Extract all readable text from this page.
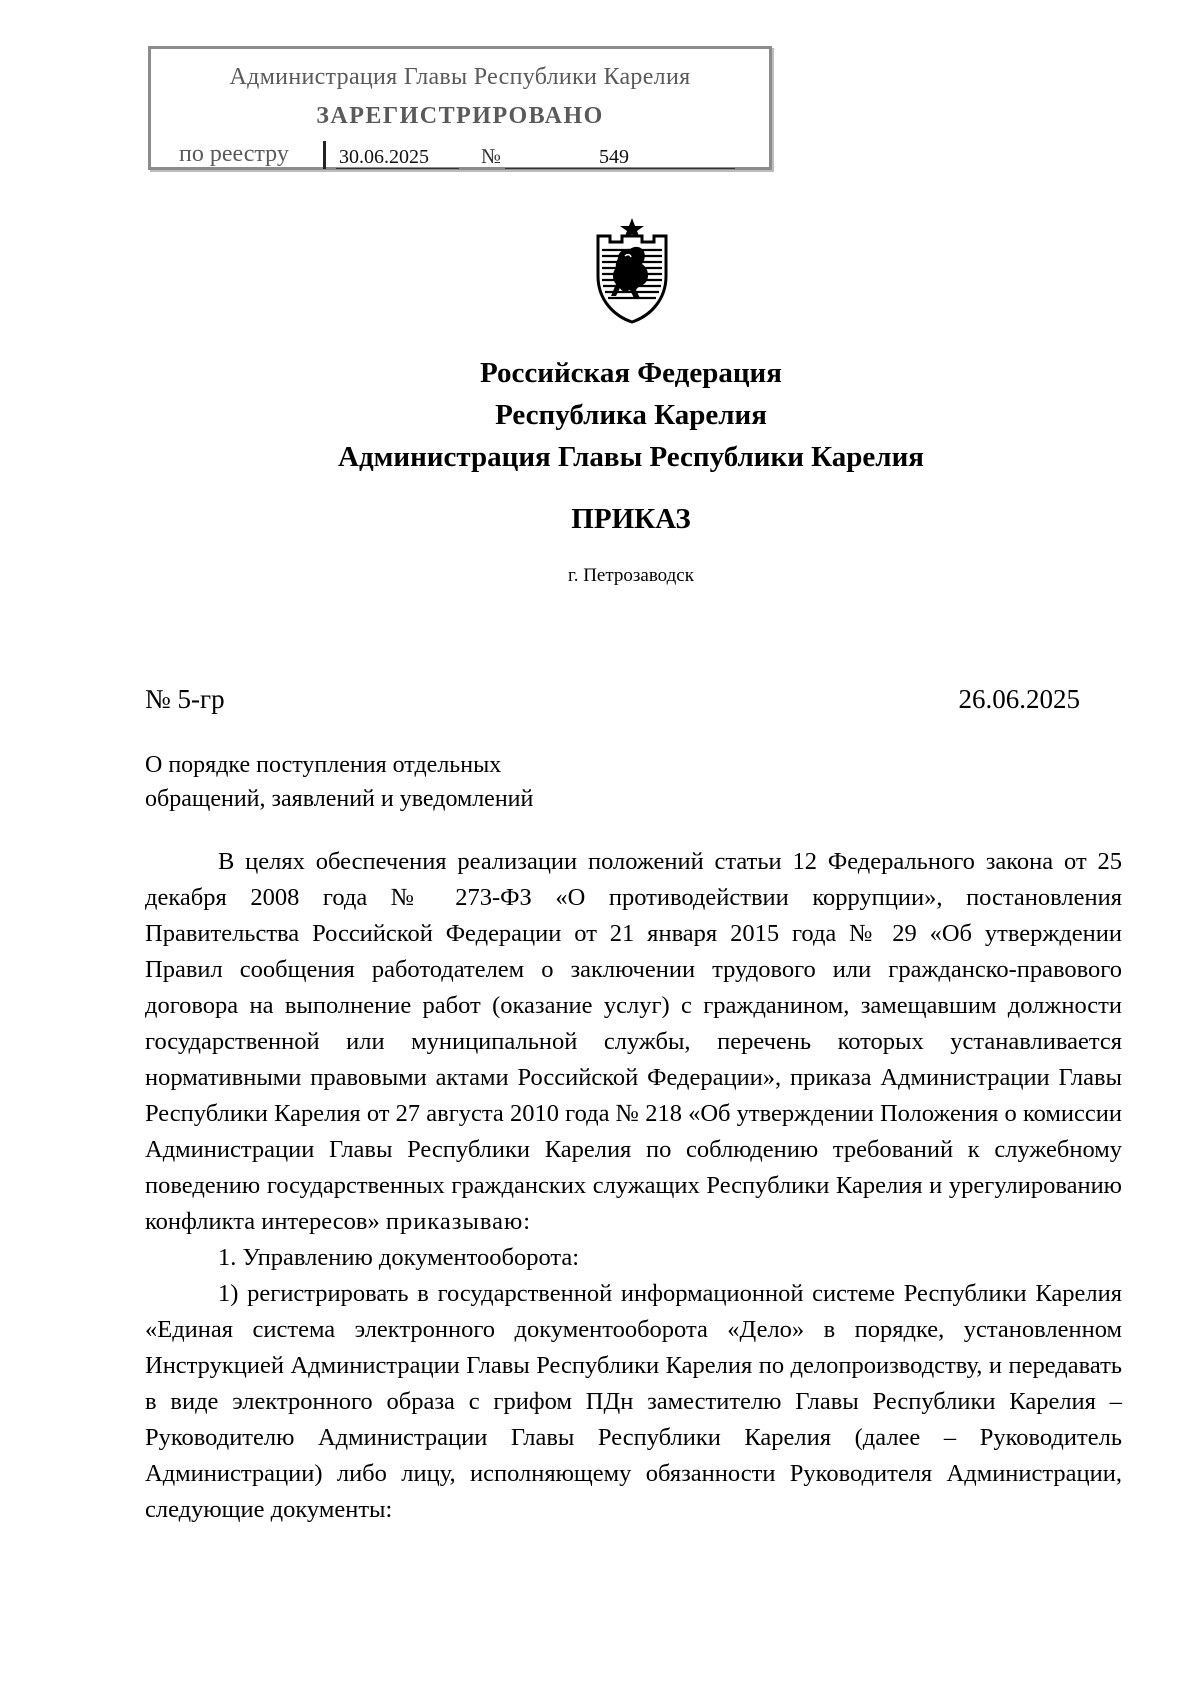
Администрация Главы Республики Карелия
ЗАРЕГИСТРИРОВАНО
по реестру	30.06.2025	№	549
Российская Федерация
Республика Карелия
Администрация Главы Республики Карелия
ПРИКАЗ
г. Петрозаводск
№ 5-гр	26.06.2025
О порядке поступления отдельных
обращений, заявлений и уведомлений

В целях обеспечения реализации положений статьи 12 Федерального закона от 25 декабря 2008 года № 273-ФЗ «О противодействии коррупции», постановления Правительства Российской Федерации от 21 января 2015 года № 29 «Об утверждении Правил сообщения работодателем о заключении трудового или гражданско-правового договора на выполнение работ (оказание услуг) с гражданином, замещавшим должности государственной или муниципальной службы, перечень которых устанавливается нормативными правовыми актами Российской Федерации», приказа Администрации Главы Республики Карелия от 27 августа 2010 года № 218 «Об утверждении Положения о комиссии Администрации Главы Республики Карелия по соблюдению требований к служебному поведению государственных гражданских служащих Республики Карелия и урегулированию конфликта интересов» приказываю:

1. Управлению документооборота:

1) регистрировать в государственной информационной системе Республики Карелия «Единая система электронного документооборота «Дело» в порядке, установленном Инструкцией Администрации Главы Республики Карелия по делопроизводству, и передавать в виде электронного образа с грифом ПДн заместителю Главы Республики Карелия – Руководителю Администрации Главы Республики Карелия (далее – Руководитель Администрации) либо лицу, исполняющему обязанности Руководителя Администрации, следующие документы:
